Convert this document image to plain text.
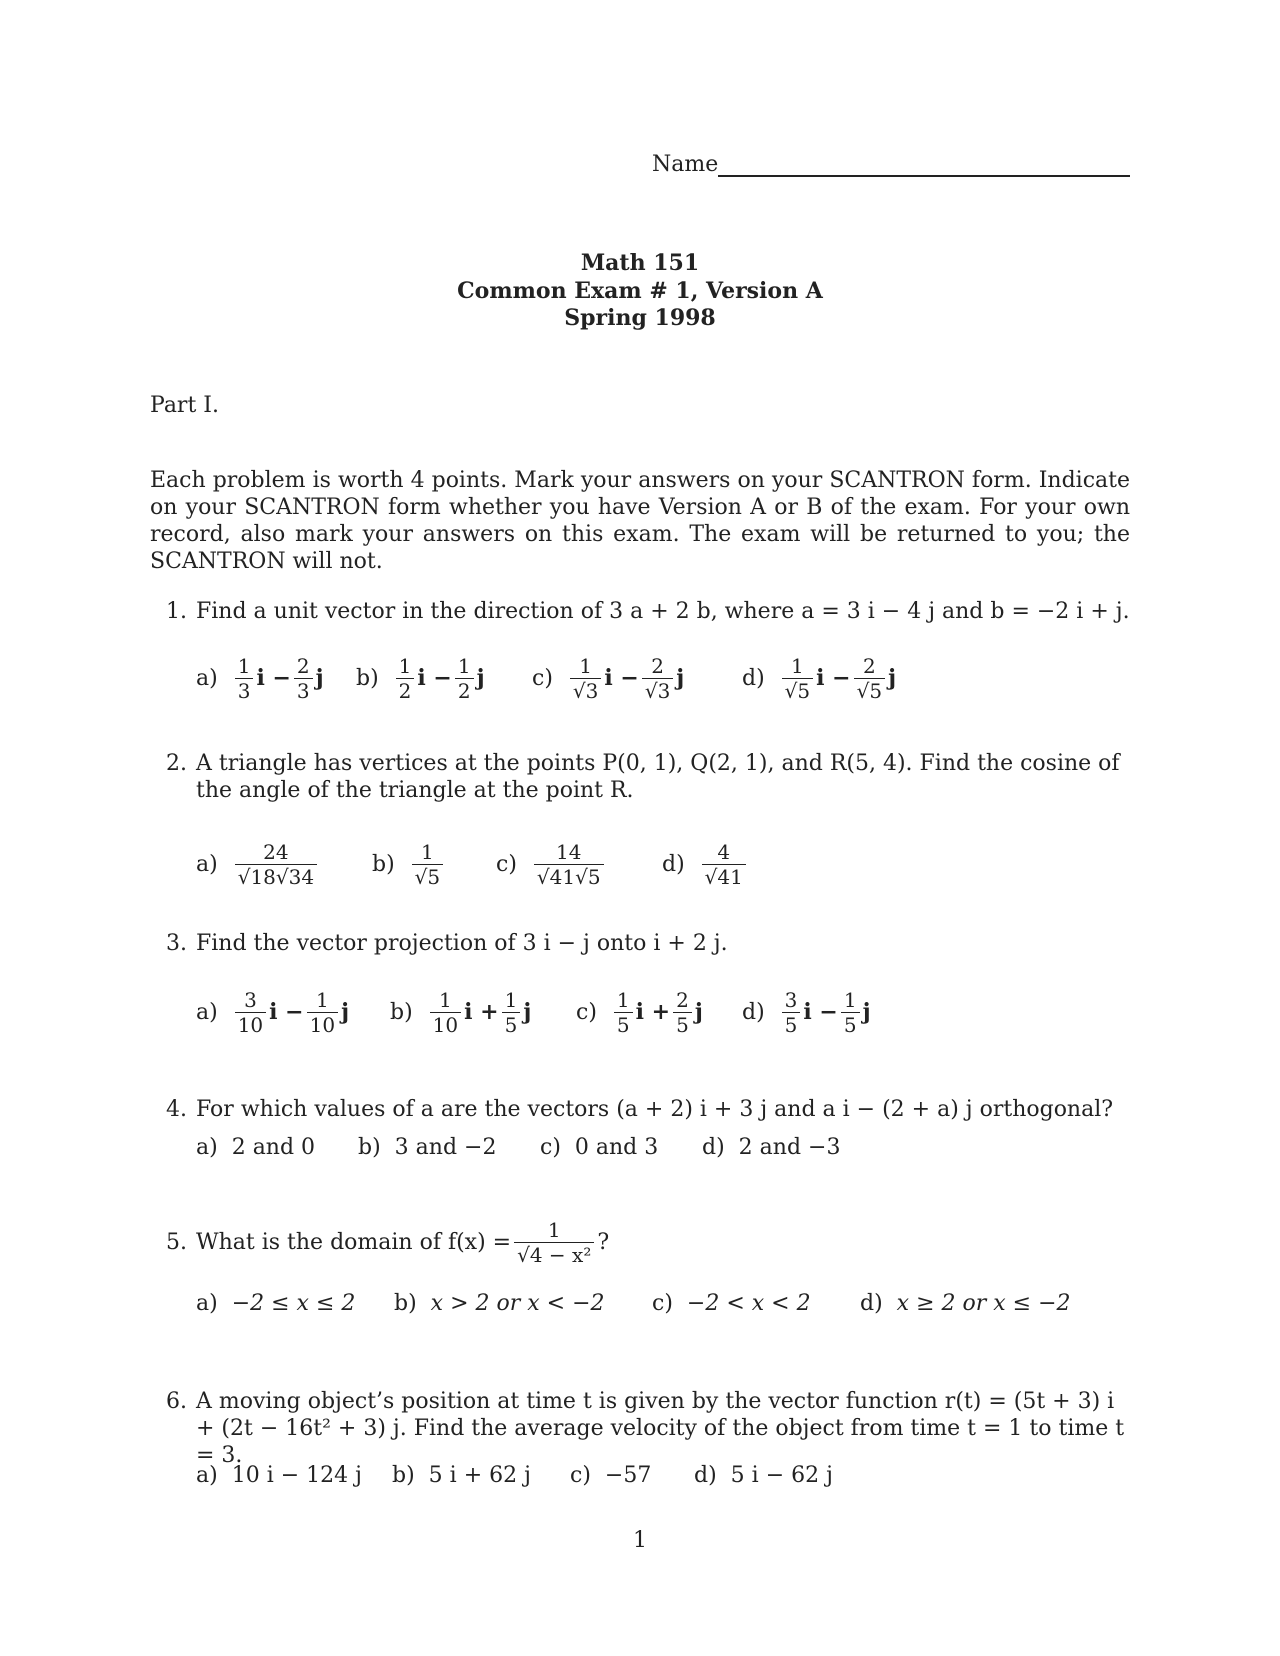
Name
Math 151
Common Exam # 1, Version A
Spring 1998
Part I.
Each problem is worth 4 points. Mark your answers on your SCANTRON form. Indicate on your SCANTRON form whether you have Version A or B of the exam. For your own record, also mark your answers on this exam. The exam will be returned to you; the SCANTRON will not.
1. Find a unit vector in the direction of 3 a + 2 b, where a = 3 i − 4 j and b = −2 i + j.
$a) \frac{1}{3}$ $i - \frac{2}{3}$ j $b) \frac{1}{2}$ $i - \frac{1}{2}$ j $c) \frac{1}{√3}$ $i - \frac{2}{√3}$ j	$d) \frac{1}{√5}$ $i - \frac{2}{√5}$ j
2. A triangle has vertices at the points P(0, 1), Q(2, 1), and R(5, 4). Find the cosine of the angle of the triangle at the point R.
$a) \frac{24}{√18√34} b) \frac{1}{√5} c) \frac{14}{√41√5}$	$d) \frac{4}{√41}$
3. Find the vector projection of 3 i − j onto i + 2 j.
$a) \frac{3}{10}$ $i - \frac{1}{10}$ j $b) \frac{1}{10}$ $i + \frac{1}{5}$ j $c) \frac{1}{5}$ $i + \frac{2}{5}$ j $d) \frac{3}{5}$ $i - \frac{1}{5}$ j
4. For which values of a are the vectors (a + 2) i + 3 j and a i − (2 + a) j orthogonal?
a) 2 and 0 b) 3 and −2 c) 0 and 3 d) 2 and −3
5. What is the domain of $f(x) = \frac{1}{\text{√4 − x²}}$ ?
a) −2 ≤ x ≤ 2 b) x > 2 or x < −2 c) −2 < x < 2 d) x ≥ 2 or x ≤ −2
6. A moving object’s position at time t is given by the vector function r(t) = (5t + 3) i + (2t − 16t² + 3) j. Find the average velocity of the object from time t = 1 to time t = 3.
a) 10 i − 124 j b) 5 i + 62 j c) −57 d) 5 i − 62 j
1
